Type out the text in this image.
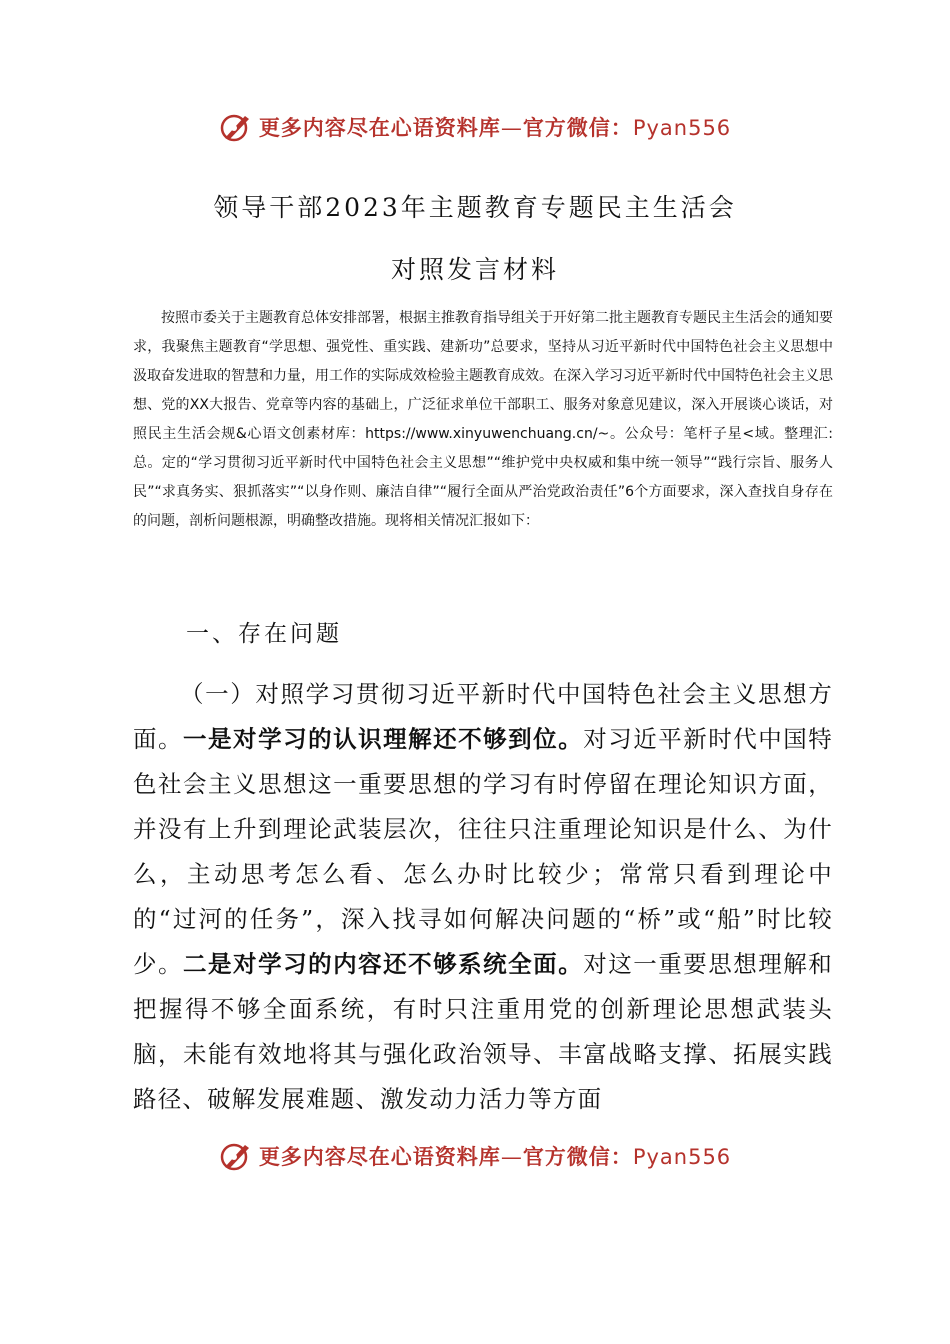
更多内容尽在心语资料库—官方微信：Pyan556
领导干部2023年主题教育专题民主生活会
对照发言材料
按照市委关于主题教育总体安排部署，根据主推教育指导组关于开好第二批主题教育专题民主生活会的通知要求，我聚焦主题教育“学思想、强党性、重实践、建新功”总要求，坚持从习近平新时代中国特色社会主义思想中汲取奋发进取的智慧和力量，用工作的实际成效检验主题教育成效。在深入学习习近平新时代中国特色社会主义思想、党的XX大报告、党章等内容的基础上，广泛征求单位干部职工、服务对象意见建议，深入开展谈心谈话，对照民主生活会规&心语文创素材库：https://www.xinyuwenchuang.cn/~。公众号：笔杆子星<域。整理汇:总。定的“学习贯彻习近平新时代中国特色社会主义思想”“维护党中央权威和集中统一领导”“践行宗旨、服务人民”“求真务实、狠抓落实”“以身作则、廉洁自律”“履行全面从严治党政治责任”6个方面要求，深入查找自身存在的问题，剖析问题根源，明确整改措施。现将相关情况汇报如下：
一、存在问题
（一）对照学习贯彻习近平新时代中国特色社会主义思想方面。一是对学习的认识理解还不够到位。对习近平新时代中国特色社会主义思想这一重要思想的学习有时停留在理论知识方面，并没有上升到理论武装层次，往往只注重理论知识是什么、为什么，主动思考怎么看、怎么办时比较少；常常只看到理论中的“过河的任务”，深入找寻如何解决问题的“桥”或“船”时比较少。二是对学习的内容还不够系统全面。对这一重要思想理解和把握得不够全面系统，有时只注重用党的创新理论思想武装头脑，未能有效地将其与强化政治领导、丰富战略支撑、拓展实践路径、破解发展难题、激发动力活力等方面
更多内容尽在心语资料库—官方微信：Pyan556
